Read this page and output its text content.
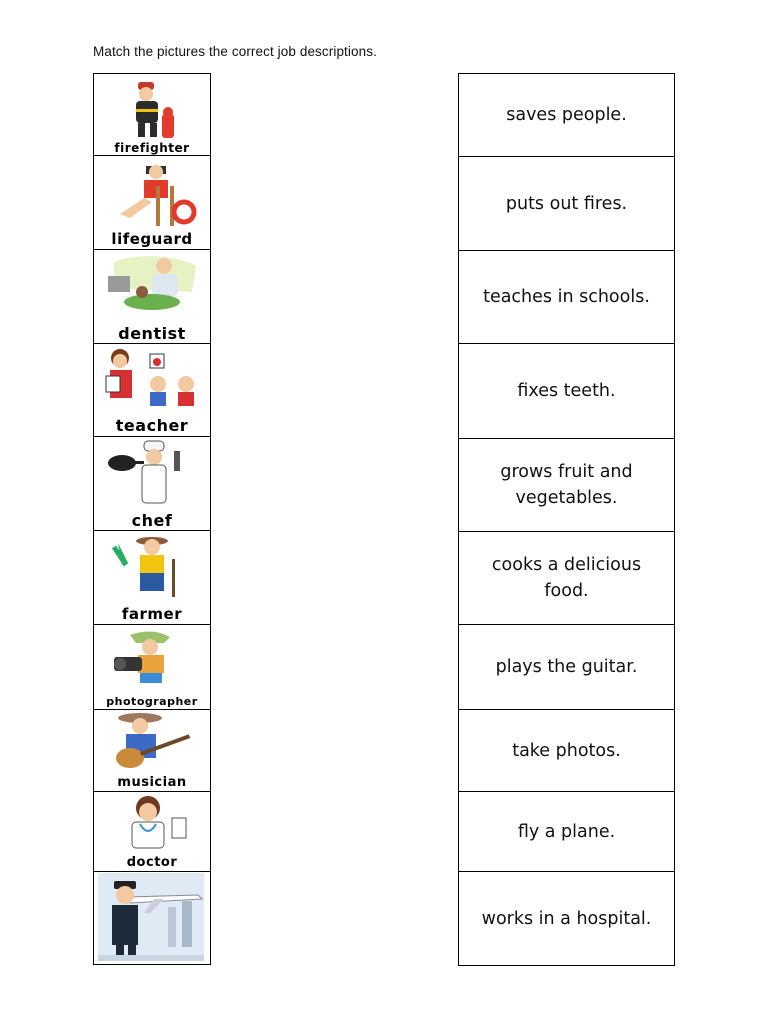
Match the pictures the correct job descriptions.
firefighter
lifeguard
dentist
teacher
chef
farmer
photographer
musician
doctor
saves people.
puts out fires.
teaches in schools.
fixes teeth.
grows fruit and vegetables.
cooks a delicious food.
plays the guitar.
take photos.
fly a plane.
works in a hospital.
